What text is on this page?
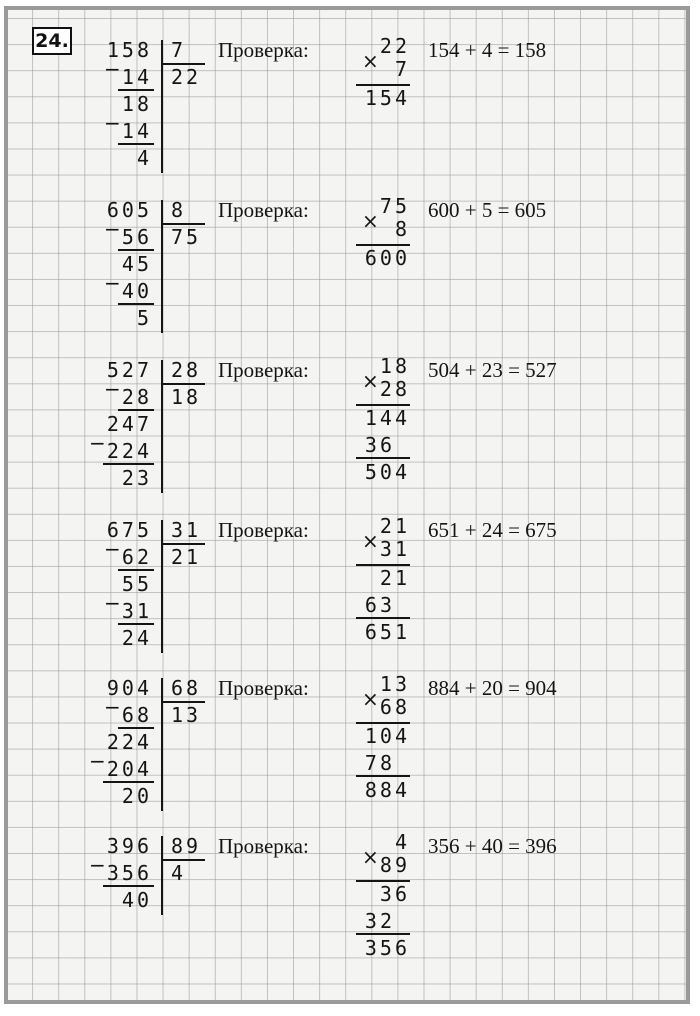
24.	158 7
22
14
−
18
14
−
4
Проверка:	22
7
×
154
154 + 4 = 158
605 8
75
56
−
45
40
−
5
Проверка:	75
8
×
600
600 + 5 = 605
527 28
18
28
−
247
224
−
23
Проверка:	18
28
×
144
36
504
504 + 23 = 527
675 31
21
62
−
55
31
−
24
Проверка:	21
31
×
21
63
651
651 + 24 = 675
904 68
13
68
−
224
204
−
20
Проверка:	13
68
×
104
78
884
884 + 20 = 904
396 89
4
356
−
40
Проверка:	4
89
×
36
32
356
356 + 40 = 396
